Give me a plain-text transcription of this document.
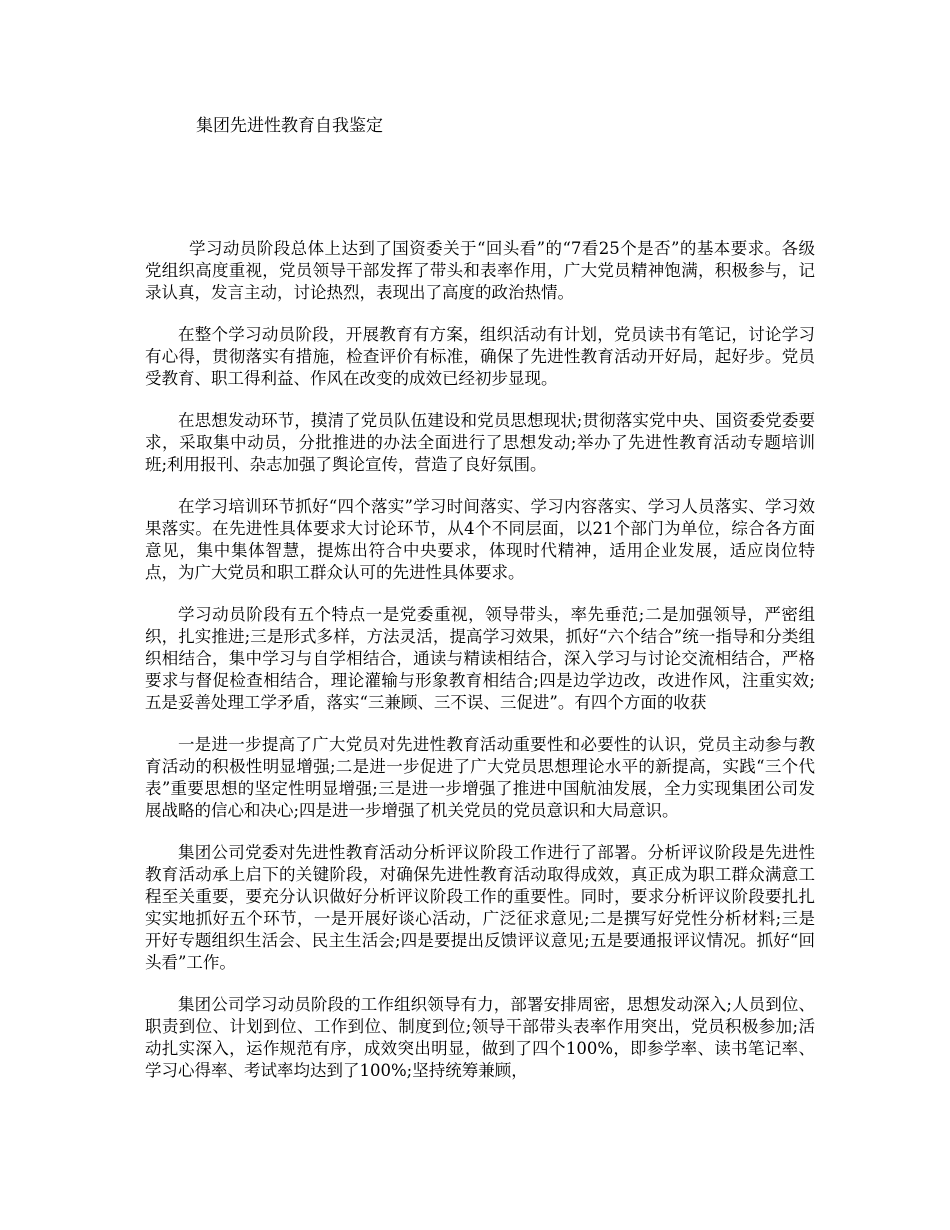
集团先进性教育自我鉴定

学习动员阶段总体上达到了国资委关于“回头看”的“7看25个是否”的基本要求。各级党组织高度重视，党员领导干部发挥了带头和表率作用，广大党员精神饱满，积极参与，记录认真，发言主动，讨论热烈，表现出了高度的政治热情。

在整个学习动员阶段，开展教育有方案，组织活动有计划，党员读书有笔记，讨论学习有心得，贯彻落实有措施，检查评价有标准，确保了先进性教育活动开好局，起好步。党员受教育、职工得利益、作风在改变的成效已经初步显现。

在思想发动环节，摸清了党员队伍建设和党员思想现状;贯彻落实党中央、国资委党委要求，采取集中动员，分批推进的办法全面进行了思想发动;举办了先进性教育活动专题培训班;利用报刊、杂志加强了舆论宣传，营造了良好氛围。

在学习培训环节抓好“四个落实”学习时间落实、学习内容落实、学习人员落实、学习效果落实。在先进性具体要求大讨论环节，从4个不同层面，以21个部门为单位，综合各方面意见，集中集体智慧，提炼出符合中央要求，体现时代精神，适用企业发展，适应岗位特点，为广大党员和职工群众认可的先进性具体要求。

学习动员阶段有五个特点一是党委重视，领导带头，率先垂范;二是加强领导，严密组织，扎实推进;三是形式多样，方法灵活，提高学习效果，抓好“六个结合”统一指导和分类组织相结合，集中学习与自学相结合，通读与精读相结合，深入学习与讨论交流相结合，严格要求与督促检查相结合，理论灌输与形象教育相结合;四是边学边改，改进作风，注重实效;五是妥善处理工学矛盾，落实“三兼顾、三不误、三促进”。有四个方面的收获

一是进一步提高了广大党员对先进性教育活动重要性和必要性的认识，党员主动参与教育活动的积极性明显增强;二是进一步促进了广大党员思想理论水平的新提高，实践“三个代表”重要思想的坚定性明显增强;三是进一步增强了推进中国航油发展，全力实现集团公司发展战略的信心和决心;四是进一步增强了机关党员的党员意识和大局意识。

集团公司党委对先进性教育活动分析评议阶段工作进行了部署。分析评议阶段是先进性教育活动承上启下的关键阶段，对确保先进性教育活动取得成效，真正成为职工群众满意工程至关重要，要充分认识做好分析评议阶段工作的重要性。同时，要求分析评议阶段要扎扎实实地抓好五个环节，一是开展好谈心活动，广泛征求意见;二是撰写好党性分析材料;三是开好专题组织生活会、民主生活会;四是要提出反馈评议意见;五是要通报评议情况。抓好“回头看”工作。

集团公司学习动员阶段的工作组织领导有力，部署安排周密，思想发动深入;人员到位、职责到位、计划到位、工作到位、制度到位;领导干部带头表率作用突出，党员积极参加;活动扎实深入，运作规范有序，成效突出明显，做到了四个100%，即参学率、读书笔记率、学习心得率、考试率均达到了100%;坚持统筹兼顾，
